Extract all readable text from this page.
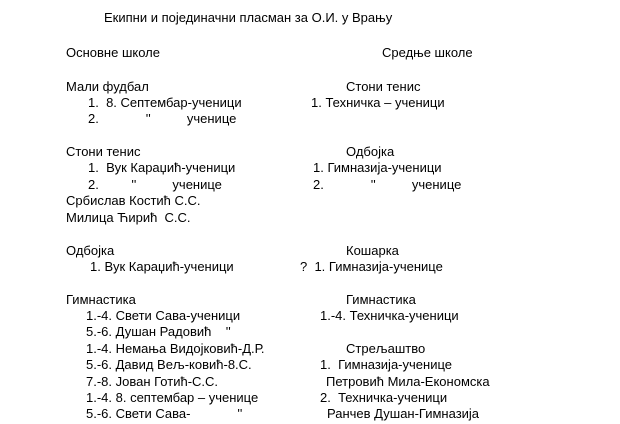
Екипни и појединачни пласман за О.И. у Врању
Основне школе	Средње школе
Мали фудбал
1.  8. Септембар-ученици
2.             ''          ученице
Стони тенис
1. Техничка – ученици
Стони тенис
1.  Вук Караџић-ученици
2.         ''          ученице
Србислав Костић С.С.
Милица Ћирић  С.С.
Одбојка
1. Гимназија-ученици
2.             ''          ученице
Одбојка
1. Вук Караџић-ученици
Кошарка
?  1. Гимназија-ученице
Гимнастика
1.-4. Свети Сава-ученици
5.-6. Душан Радовић    ''
1.-4. Немања Видојковић-Д.Р.
5.-6. Давид Вељ-ковић-8.С.
7.-8. Јован Готић-С.С.
1.-4. 8. септембар – ученице
5.-6. Свети Сава-             ''
Гимнастика
1.-4. Техничка-ученици
Стрељаштво
1.  Гимназија-ученице
Петровић Мила-Економска
2.  Техничка-ученици
Ранчев Душан-Гимназија
